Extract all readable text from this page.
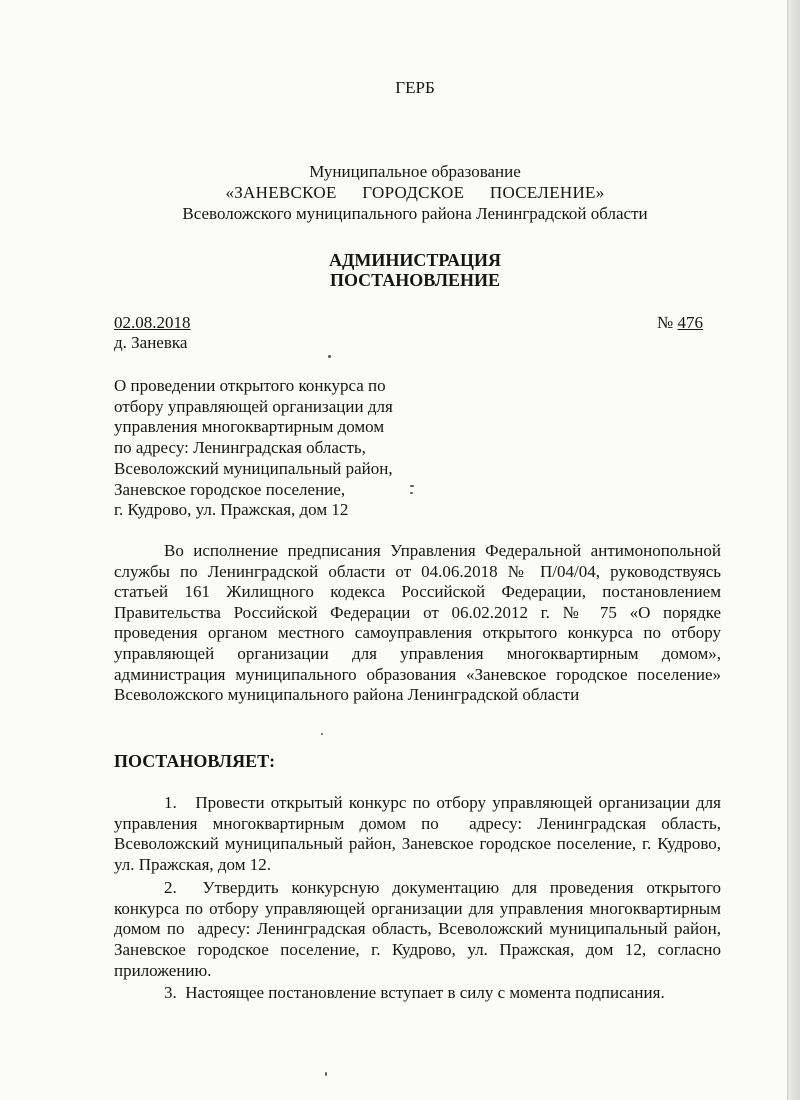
ГЕРБ
Муниципальное образование
«ЗАНЕВСКОЕ   ГОРОДСКОЕ   ПОСЕЛЕНИЕ»
Всеволожского муниципального района Ленинградской области
АДМИНИСТРАЦИЯ
ПОСТАНОВЛЕНИЕ
02.08.2018
д. Заневка
№ 476
О проведении открытого конкурса по
отбору управляющей организации для
управления многоквартирным домом
по адресу: Ленинградская область,
Всеволожский муниципальный район,
Заневское городское поселение,
г. Кудрово, ул. Пражская, дом 12
Во исполнение предписания Управления Федеральной антимонопольной службы по Ленинградской области от 04.06.2018 № П/04/04, руководствуясь статьей 161 Жилищного кодекса Российской Федерации, постановлением Правительства Российской Федерации от 06.02.2012 г. № 75 «О порядке проведения органом местного самоуправления открытого конкурса по отбору управляющей организации для управления многоквартирным домом», администрация муниципального образования «Заневское городское поселение» Всеволожского муниципального района Ленинградской области
ПОСТАНОВЛЯЕТ:

1.   Провести открытый конкурс по отбору управляющей организации для управления многоквартирным домом по  адресу: Ленинградская область, Всеволожский муниципальный район, Заневское городское поселение, г. Кудрово, ул. Пражская, дом 12.

2.  Утвердить конкурсную документацию для проведения открытого конкурса по отбору управляющей организации для управления многоквартирным домом по  адресу: Ленинградская область, Всеволожский муниципальный район, Заневское городское поселение, г. Кудрово, ул. Пражская, дом 12, согласно приложению.

3.  Настоящее постановление вступает в силу с момента подписания.
